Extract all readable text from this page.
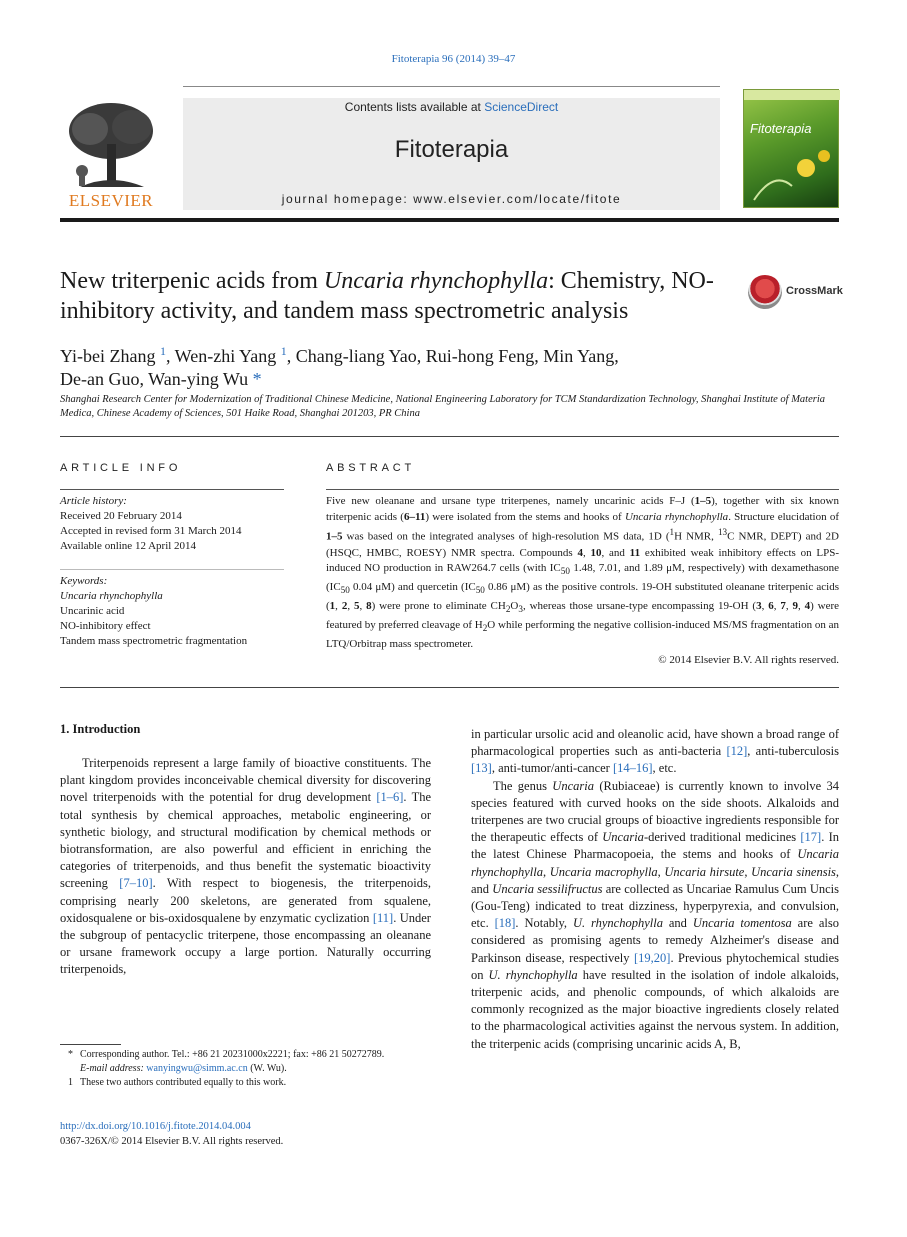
Fitoterapia 96 (2014) 39–47
ELSEVIER
Contents lists available at ScienceDirect
Fitoterapia
journal homepage: www.elsevier.com/locate/fitote
Fitoterapia
New triterpenic acids from Uncaria rhynchophylla: Chemistry, NO-inhibitory activity, and tandem mass spectrometric analysis
CrossMark
Yi-bei Zhang $^1$, Wen-zhi Yang $^1$, Chang-liang Yao, Rui-hong Feng, Min Yang,
De-an Guo, Wan-ying Wu *
Shanghai Research Center for Modernization of Traditional Chinese Medicine, National Engineering Laboratory for TCM Standardization Technology, Shanghai Institute of Materia Medica, Chinese Academy of Sciences, 501 Haike Road, Shanghai 201203, PR China
ARTICLE INFO	ABSTRACT
Article history:
Received 20 February 2014
Accepted in revised form 31 March 2014
Available online 12 April 2014
Keywords:
Uncaria rhynchophylla
Uncarinic acid
NO-inhibitory effect
Tandem mass spectrometric fragmentation
Five new oleanane and ursane type triterpenes, namely uncarinic acids F–J (1–5), together with six known triterpenic acids (6–11) were isolated from the stems and hooks of Uncaria rhynchophylla. Structure elucidation of 1–5 was based on the integrated analyses of high-resolution MS data, 1D ($^1$H NMR, $^{13}$C NMR, DEPT) and 2D (HSQC, HMBC, ROESY) NMR spectra. Compounds 4, 10, and 11 exhibited weak inhibitory effects on LPS-induced NO production in RAW264.7 cells (with $IC_{50}$ 1.48, 7.01, and 1.89 μM, respectively) with dexamethasone ($IC_{50}$ 0.04 μM) and quercetin ($IC_{50}$ 0.86 μM) as the positive controls. 19-OH substituted oleanane triterpenic acids (1, 2, 5, 8) were prone to eliminate $CH_2O_3$, whereas those ursane-type encompassing 19-OH (3, 6, 7, 9, 4) were featured by preferred cleavage of $H_2O$ while performing the negative collision-induced MS/MS fragmentation on an LTQ/Orbitrap mass spectrometer.
© 2014 Elsevier B.V. All rights reserved.
1. Introduction
Triterpenoids represent a large family of bioactive constituents. The plant kingdom provides inconceivable chemical diversity for discovering novel triterpenoids with the potential for drug development [1–6]. The total synthesis by chemical approaches, metabolic engineering, or synthetic biology, and structural modification by chemical methods or biotransformation, are also powerful and efficient in enriching the categories of triterpenoids, and thus benefit the systematic bioactivity screening [7–10]. With respect to biogenesis, the triterpenoids, comprising nearly 200 skeletons, are generated from squalene, oxidosqualene or bis-oxidosqualene by enzymatic cyclization [11]. Under the subgroup of pentacyclic triterpene, those encompassing an oleanane or ursane framework occupy a large portion. Naturally occurring triterpenoids,
in particular ursolic acid and oleanolic acid, have shown a broad range of pharmacological properties such as anti-bacteria [12], anti-tuberculosis [13], anti-tumor/anti-cancer [14–16], etc.
The genus Uncaria (Rubiaceae) is currently known to involve 34 species featured with curved hooks on the side shoots. Alkaloids and triterpenes are two crucial groups of bioactive ingredients responsible for the therapeutic effects of Uncaria-derived traditional medicines [17]. In the latest Chinese Pharmacopoeia, the stems and hooks of Uncaria rhynchophylla, Uncaria macrophylla, Uncaria hirsute, Uncaria sinensis, and Uncaria sessilifructus are collected as Uncariae Ramulus Cum Uncis (Gou-Teng) indicated to treat dizziness, hyperpyrexia, and convulsion, etc. [18]. Notably, U. rhynchophylla and Uncaria tomentosa are also considered as promising agents to remedy Alzheimer's disease and Parkinson disease, respectively [19,20]. Previous phytochemical studies on U. rhynchophylla have resulted in the isolation of indole alkaloids, triterpenic acids, and phenolic compounds, of which alkaloids are commonly recognized as the major bioactive ingredients closely related to the pharmacological activities against the nervous system. In addition, the triterpenic acids (comprising uncarinic acids A, B,
* Corresponding author. Tel.: +86 21 20231000x2221; fax: +86 21 50272789.
E-mail address: wanyingwu@simm.ac.cn (W. Wu).
1 These two authors contributed equally to this work.
http://dx.doi.org/10.1016/j.fitote.2014.04.004
0367-326X/© 2014 Elsevier B.V. All rights reserved.
